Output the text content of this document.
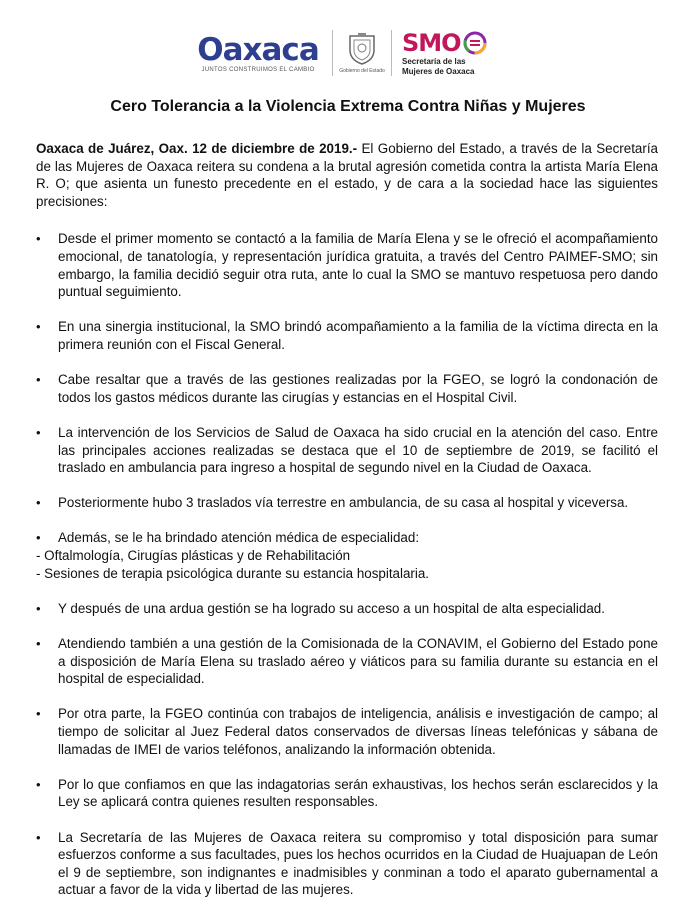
Oaxaca
JUNTOS CONSTRUIMOS EL CAMBIO	Gobierno del Estado
SMO
Secretaría de las
Mujeres de Oaxaca
Cero Tolerancia a la Violencia Extrema Contra Niñas y Mujeres

Oaxaca de Juárez, Oax. 12 de diciembre de 2019.- El Gobierno del Estado, a través de la Secretaría de las Mujeres de Oaxaca reitera su condena a la brutal agresión cometida contra la artista María Elena R. O; que asienta un funesto precedente en el estado, y de cara a la sociedad hace las siguientes precisiones:

• Desde el primer momento se contactó a la familia de María Elena y se le ofreció el acompañamiento emocional, de tanatología, y representación jurídica gratuita, a través del Centro PAIMEF-SMO; sin embargo, la familia decidió seguir otra ruta, ante lo cual la SMO se mantuvo respetuosa pero dando puntual seguimiento.
• En una sinergia institucional, la SMO brindó acompañamiento a la familia de la víctima directa en la primera reunión con el Fiscal General.
• Cabe resaltar que a través de las gestiones realizadas por la FGEO, se logró la condonación de todos los gastos médicos durante las cirugías y estancias en el Hospital Civil.
• La intervención de los Servicios de Salud de Oaxaca ha sido crucial en la atención del caso. Entre las principales acciones realizadas se destaca que el 10 de septiembre de 2019, se facilitó el traslado en ambulancia para ingreso a hospital de segundo nivel en la Ciudad de Oaxaca.
• Posteriormente hubo 3 traslados vía terrestre en ambulancia, de su casa al hospital y viceversa.
• Además, se le ha brindado atención médica de especialidad:
- Oftalmología, Cirugías plásticas y de Rehabilitación
- Sesiones de terapia psicológica durante su estancia hospitalaria.
• Y después de una ardua gestión se ha logrado su acceso a un hospital de alta especialidad.
• Atendiendo también a una gestión de la Comisionada de la CONAVIM, el Gobierno del Estado pone a disposición de María Elena su traslado aéreo y viáticos para su familia durante su estancia en el hospital de especialidad.
• Por otra parte, la FGEO continúa con trabajos de inteligencia, análisis e investigación de campo; al tiempo de solicitar al Juez Federal datos conservados de diversas líneas telefónicas y sábana de llamadas de IMEI de varios teléfonos, analizando la información obtenida.
• Por lo que confiamos en que las indagatorias serán exhaustivas, los hechos serán esclarecidos y la Ley se aplicará contra quienes resulten responsables.
• La Secretaría de las Mujeres de Oaxaca reitera su compromiso y total disposición para sumar esfuerzos conforme a sus facultades, pues los hechos ocurridos en la Ciudad de Huajuapan de León el 9 de septiembre, son indignantes e inadmisibles y conminan a todo el aparato gubernamental a actuar a favor de la vida y libertad de las mujeres.
